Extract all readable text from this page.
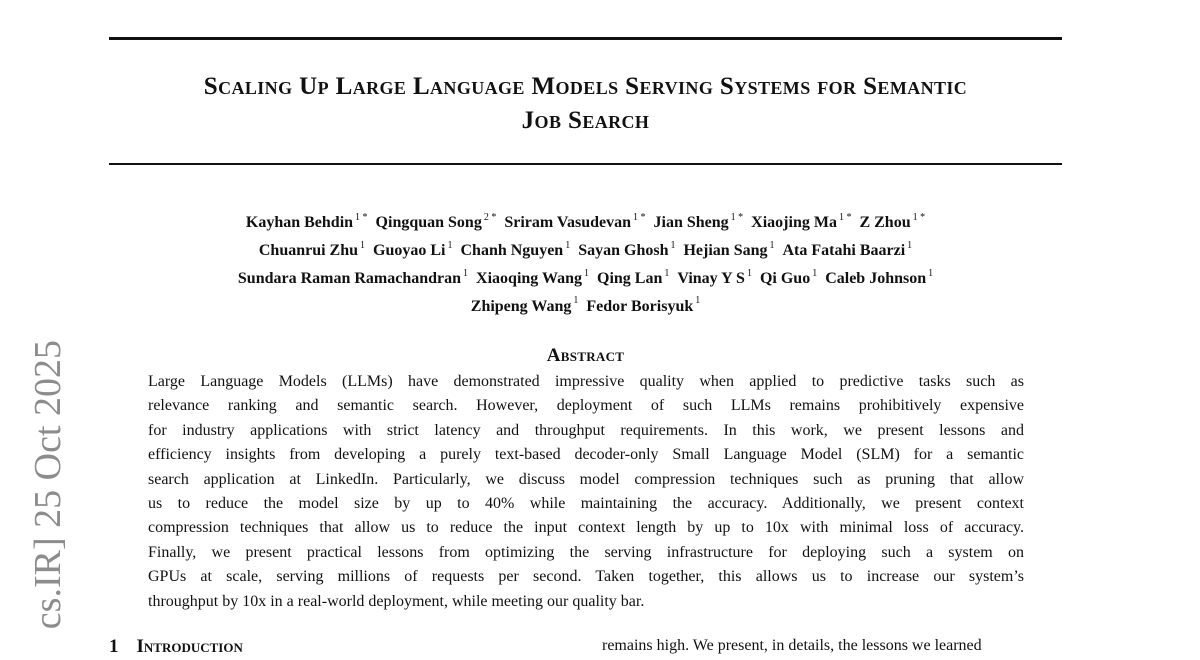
Scaling Up Large Language Models Serving Systems for Semantic
Job Search
Kayhan Behdin $^{1 *}$ Qingquan Song $^{2 *}$ Sriram Vasudevan $^{1 *}$ Jian Sheng $^{1 *}$ Xiaojing Ma $^{1 *}$ Z Zhou $^{1 *}$
Chuanrui Zhu $^1$ Guoyao Li $^1$ Chanh Nguyen $^1$ Sayan Ghosh $^1$ Hejian Sang $^1$ Ata Fatahi Baarzi $^1$
Sundara Raman Ramachandran $^1$ Xiaoqing Wang $^1$ Qing Lan $^1$ Vinay Y S $^1$ Qi Guo $^1$ Caleb Johnson $^1$
Zhipeng Wang $^1$ Fedor Borisyuk $^1$
cs.IR] 25 Oct 2025	Abstract
Large Language Models (LLMs) have demonstrated impressive quality when applied to predictive tasks such as
relevance ranking and semantic search. However, deployment of such LLMs remains prohibitively expensive
for industry applications with strict latency and throughput requirements. In this work, we present lessons and
efficiency insights from developing a purely text-based decoder-only Small Language Model (SLM) for a semantic
search application at LinkedIn. Particularly, we discuss model compression techniques such as pruning that allow
us to reduce the model size by up to 40% while maintaining the accuracy. Additionally, we present context
compression techniques that allow us to reduce the input context length by up to 10x with minimal loss of accuracy.
Finally, we present practical lessons from optimizing the serving infrastructure for deploying such a system on
GPUs at scale, serving millions of requests per second. Taken together, this allows us to increase our system’s
throughput by 10x in a real-world deployment, while meeting our quality bar.
1 Introduction	remains high. We present, in details, the lessons we learned
